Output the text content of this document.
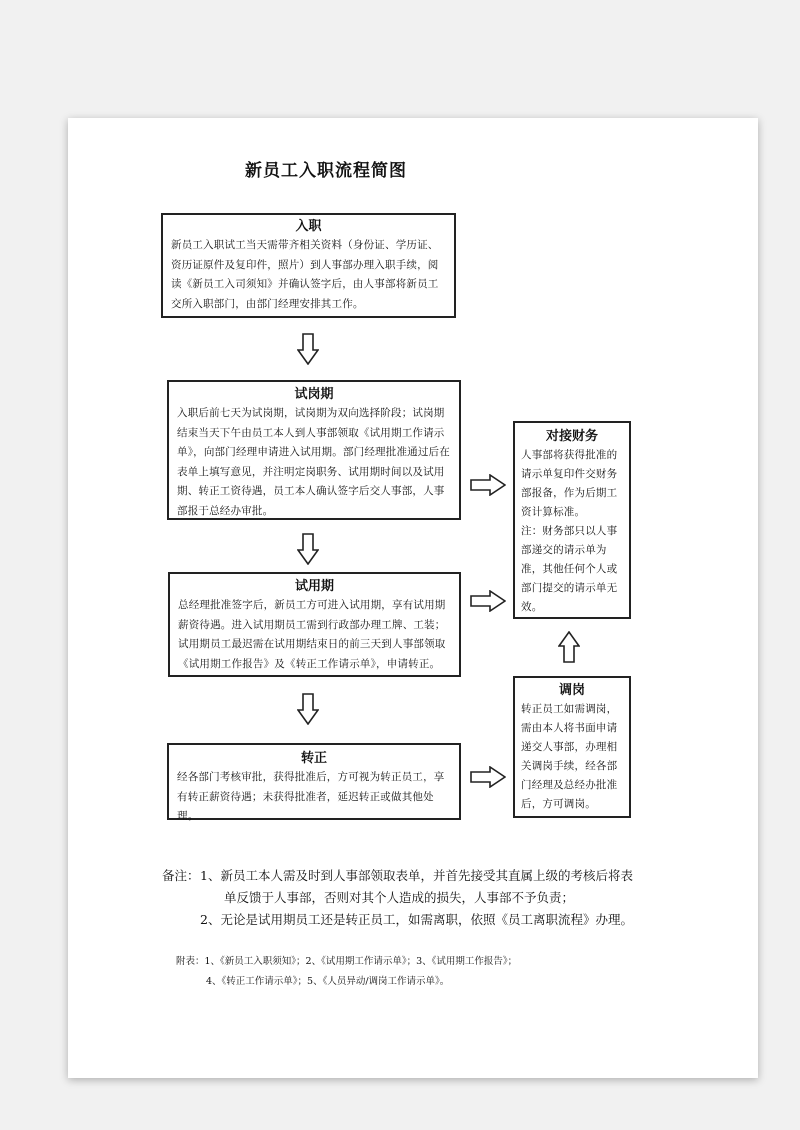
新员工入职流程简图
入职
新员工入职试工当天需带齐相关资料（身份证、学历证、
资历证原件及复印件，照片）到人事部办理入职手续，阅
读《新员工入司须知》并确认签字后，由人事部将新员工
交所入职部门，由部门经理安排其工作。
试岗期
入职后前七天为试岗期，试岗期为双向选择阶段；试岗期
结束当天下午由员工本人到人事部领取《试用期工作请示
单》，向部门经理申请进入试用期。部门经理批准通过后在
表单上填写意见，并注明定岗职务、试用期时间以及试用
期、转正工资待遇，员工本人确认签字后交人事部，人事
部报于总经办审批。
试用期
总经理批准签字后，新员工方可进入试用期，享有试用期
薪资待遇。进入试用期员工需到行政部办理工牌、工装；
试用期员工最迟需在试用期结束日的前三天到人事部领取
《试用期工作报告》及《转正工作请示单》，申请转正。
转正
经各部门考核审批，获得批准后，方可视为转正员工，享
有转正薪资待遇；未获得批准者，延迟转正或做其他处理。
对接财务
人事部将获得批准的
请示单复印件交财务
部报备，作为后期工
资计算标准。
注：财务部只以人事
部递交的请示单为
准，其他任何个人或
部门提交的请示单无
效。
调岗
转正员工如需调岗，
需由本人将书面申请
递交人事部，办理相
关调岗手续，经各部
门经理及总经办批准
后，方可调岗。
备注： 1、新员工本人需及时到人事部领取表单，并首先接受其直属上级的考核后将表
单反馈于人事部，否则对其个人造成的损失，人事部不予负责；
2、无论是试用期员工还是转正员工，如需离职，依照《员工离职流程》办理。
附表：1、《新员工入职须知》；2、《试用期工作请示单》；3、《试用期工作报告》；
4、《转正工作请示单》；5、《人员异动/调岗工作请示单》。
